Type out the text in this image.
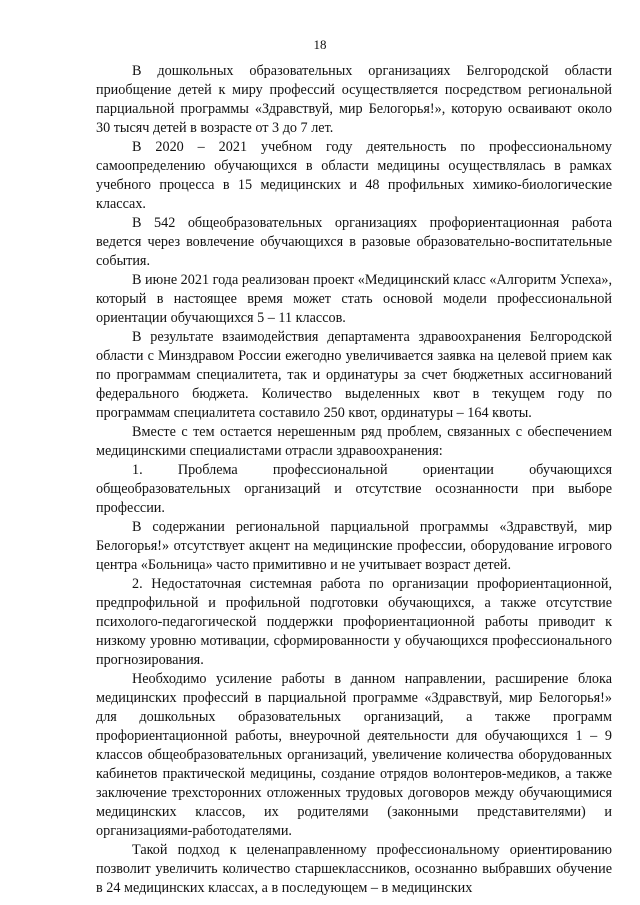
18

В дошкольных образовательных организациях Белгородской области приобщение детей к миру профессий осуществляется посредством региональной парциальной программы «Здравствуй, мир Белогорья!», которую осваивают около 30 тысяч детей в возрасте от 3 до 7 лет.

В 2020 – 2021 учебном году деятельность по профессиональному самоопределению обучающихся в области медицины осуществлялась в рамках учебного процесса в 15 медицинских и 48 профильных химико-биологические классах.

В 542 общеобразовательных организациях профориентационная работа ведется через вовлечение обучающихся в разовые образовательно-воспитательные события.

В июне 2021 года реализован проект «Медицинский класс «Алгоритм Успеха», который в настоящее время может стать основой модели профессиональной ориентации обучающихся 5 – 11 классов.

В результате взаимодействия департамента здравоохранения Белгородской области с Минздравом России ежегодно увеличивается заявка на целевой прием как по программам специалитета, так и ординатуры за счет бюджетных ассигнований федерального бюджета. Количество выделенных квот в текущем году по программам специалитета составило 250 квот, ординатуры – 164 квоты.

Вместе с тем остается нерешенным ряд проблем, связанных с обеспечением медицинскими специалистами отрасли здравоохранения:

1. Проблема профессиональной ориентации обучающихся общеобразовательных организаций и отсутствие осознанности при выборе профессии.

В содержании региональной парциальной программы «Здравствуй, мир Белогорья!» отсутствует акцент на медицинские профессии, оборудование игрового центра «Больница» часто примитивно и не учитывает возраст детей.

2. Недостаточная системная работа по организации профориентационной, предпрофильной и профильной подготовки обучающихся, а также отсутствие психолого-педагогической поддержки профориентационной работы приводит к низкому уровню мотивации, сформированности у обучающихся профессионального прогнозирования.

Необходимо усиление работы в данном направлении, расширение блока медицинских профессий в парциальной программе «Здравствуй, мир Белогорья!» для дошкольных образовательных организаций, а также программ профориентационной работы, внеурочной деятельности для обучающихся 1 – 9 классов общеобразовательных организаций, увеличение количества оборудованных кабинетов практической медицины, создание отрядов волонтеров-медиков, а также заключение трехсторонних отложенных трудовых договоров между обучающимися медицинских классов, их родителями (законными представителями) и организациями-работодателями.

Такой подход к целенаправленному профессиональному ориентированию позволит увеличить количество старшеклассников, осознанно выбравших обучение в 24 медицинских классах, а в последующем – в медицинских
